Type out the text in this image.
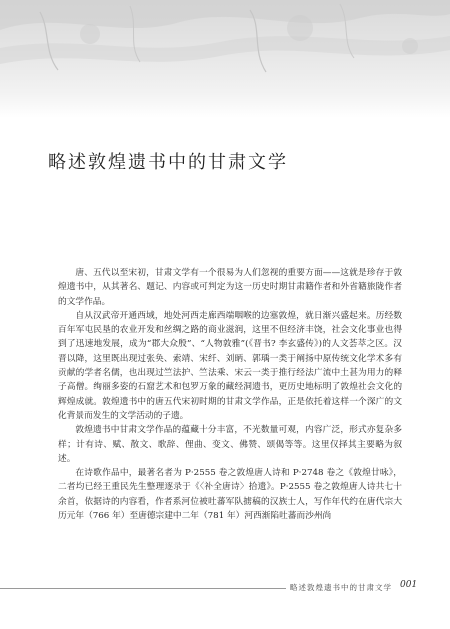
略述敦煌遗书中的甘肃文学

唐、五代以至宋初，甘肃文学有一个很易为人们忽视的重要方面——这就是珍存于敦煌遗书中，从其著名、题记、内容或可判定为这一历史时期甘肃籍作者和外省籍旅陇作者的文学作品。

自从汉武帝开通西域，地处河西走廊西端咽喉的边塞敦煌，就日渐兴盛起来。历经数百年军屯民垦的农业开发和丝绸之路的商业滋润，这里不但经济丰饶，社会文化事业也得到了迅速地发展，成为“郡大众殷”、“人物敦雅”(《晋书? 李玄盛传》)的人文荟萃之区。汉晋以降，这里既出现过张奂、索靖、宋纤、刘昞、郭瑀一类于阐扬中原传统文化学术多有贡献的学者名儒，也出现过竺法护、竺法乘、宋云一类于推行经法广流中土甚为用力的释子高僧。绚丽多姿的石窟艺术和包罗万象的藏经洞遗书，更历史地标明了敦煌社会文化的辉煌成就。敦煌遗书中的唐五代宋初时期的甘肃文学作品，正是依托着这样一个深广的文化背景而发生的文学活动的子遗。

敦煌遗书中甘肃文学作品的蕴藏十分丰富，不光数量可观，内容广泛，形式亦复杂多样；计有诗、赋、散文、歌辞、俚曲、变文、佛赞、颂偈等等。这里仅择其主要略为叙述。

在诗歌作品中，最著名者为 P·2555 卷之敦煌唐人诗和 P·2748 卷之《敦煌廿咏》，二者均已经王重民先生整理逐录于《〈补全唐诗〉拾遗》。P·2555 卷之敦煌唐人诗共七十余首，依据诗的内容看，作者系河位被吐蕃军队掳稿的汉族士人，写作年代约在唐代宗大历元年（766 年）至唐德宗建中二年（781 年）河西渐陷吐蕃而沙州尚

略述敦煌遗书中的甘肃文学 001
